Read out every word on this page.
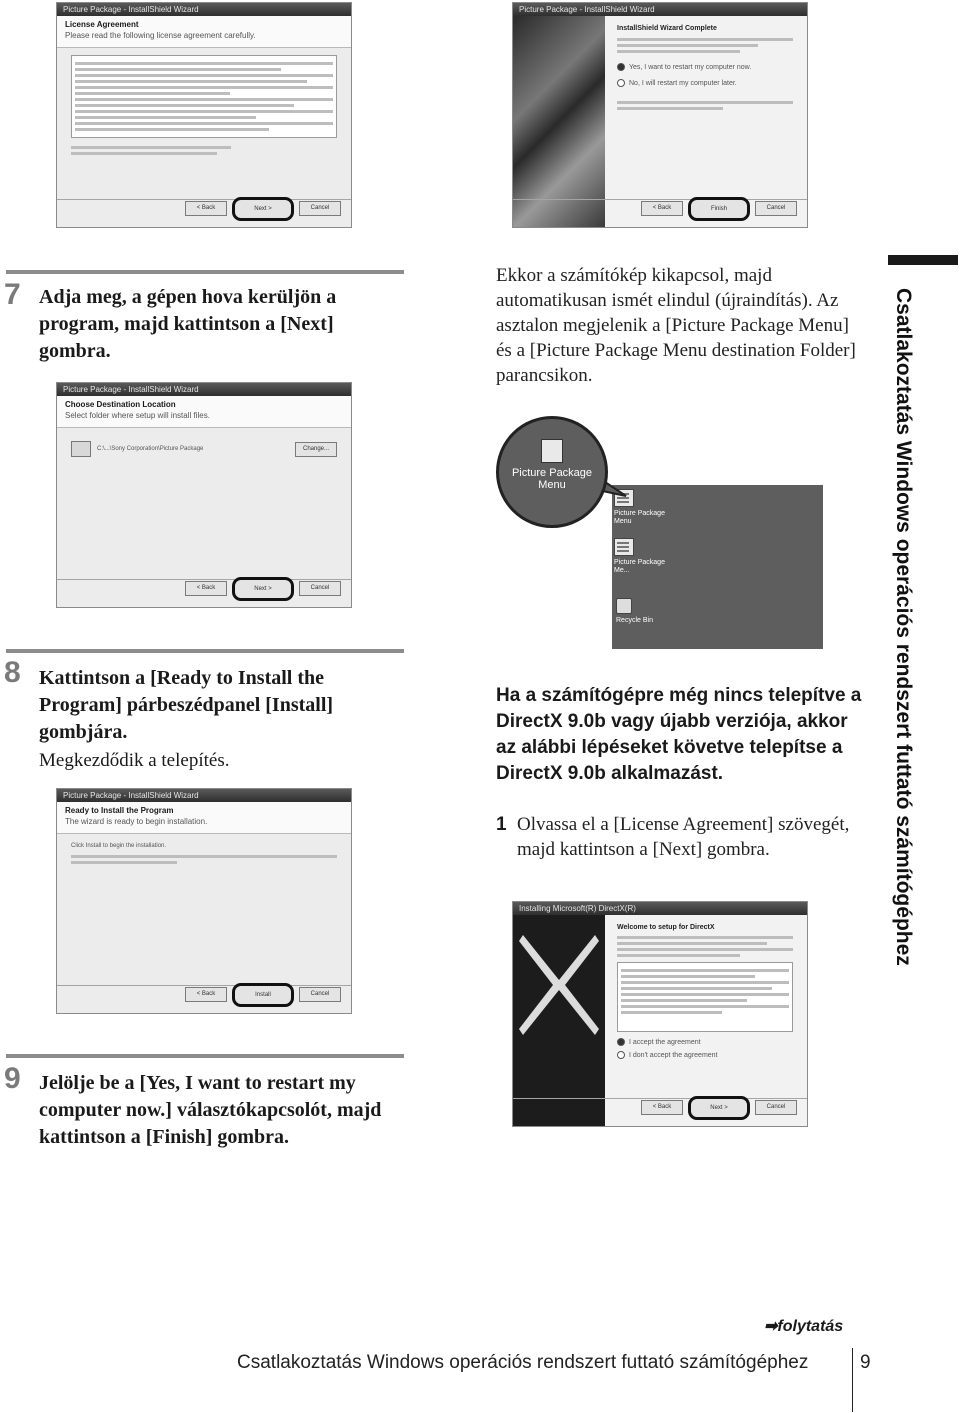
Picture Package - InstallShield Wizard
License Agreement
Please read the following license agreement carefully.
< Back	Next >	Cancel
Picture Package - InstallShield Wizard
InstallShield Wizard Complete
Yes, I want to restart my computer now.
No, I will restart my computer later.
< Back	Finish	Cancel
7 Adja meg, a gépen hova kerüljön a program, majd kattintson a [Next] gombra.
Picture Package - InstallShield Wizard
Choose Destination Location
Select folder where setup will install files.
C:\...\Sony Corporation\Picture Package	Change...
< Back	Next >	Cancel
8 Kattintson a [Ready to Install the Program] párbeszédpanel [Install] gombjára.
Megkezdődik a telepítés.
Picture Package - InstallShield Wizard
Ready to Install the Program
The wizard is ready to begin installation.
Click Install to begin the installation.
< Back	Install	Cancel
9 Jelölje be a [Yes, I want to restart my computer now.] választókapcsolót, majd kattintson a [Finish] gombra.
Ekkor a számítókép kikapcsol, majd automatikusan ismét elindul (újraindítás). Az asztalon megjelenik a [Picture Package Menu] és a [Picture Package Menu destination Folder] parancsikon.
Picture Package Menu
Picture Package Me...
Recycle Bin
Picture Package Menu
Ha a számítógépre még nincs telepítve a DirectX 9.0b vagy újabb verziója, akkor az alábbi lépéseket követve telepítse a DirectX 9.0b alkalmazást.
1 Olvassa el a [License Agreement] szövegét, majd kattintson a [Next] gombra.
Installing Microsoft(R) DirectX(R)
Welcome to setup for DirectX
I accept the agreement
I don't accept the agreement
< Back	Next >	Cancel
Csatlakoztatás Windows operációs rendszert futtató számítógéphez
➡folytatás
Csatlakoztatás Windows operációs rendszert futtató számítógéphez	9
